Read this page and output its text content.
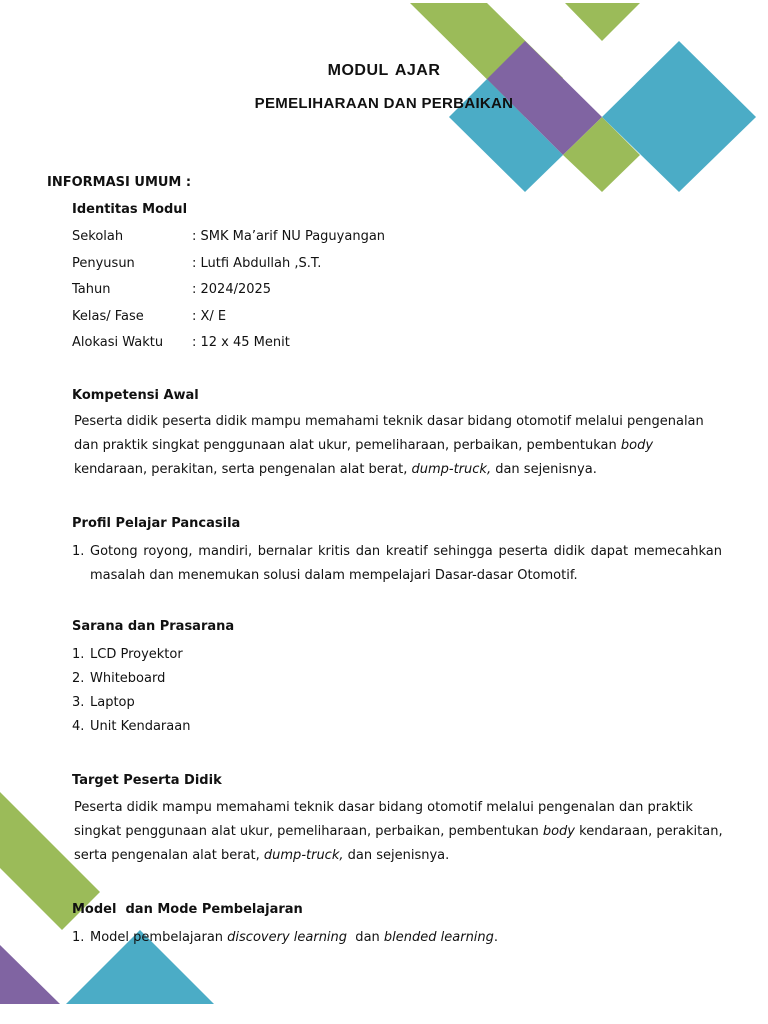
MODUL AJAR
PEMELIHARAAN DAN PERBAIKAN
INFORMASI UMUM :
Identitas Modul
Sekolah	: SMK Ma’arif NU Paguyangan
Penyusun	: Lutfi Abdullah ,S.T.
Tahun	: 2024/2025
Kelas/ Fase	: X/ E
Alokasi Waktu : 12 x 45 Menit
Kompetensi Awal
Peserta didik peserta didik mampu memahami teknik dasar bidang otomotif melalui pengenalan dan praktik singkat penggunaan alat ukur, pemeliharaan, perbaikan, pembentukan body kendaraan, perakitan, serta pengenalan alat berat, dump-truck, dan sejenisnya.
Profil Pelajar Pancasila
1. Gotong royong, mandiri, bernalar kritis dan kreatif sehingga peserta didik dapat memecahkan masalah dan menemukan solusi dalam mempelajari Dasar-dasar Otomotif.
Sarana dan Prasarana
1. LCD Proyektor
2. Whiteboard
3. Laptop
4. Unit Kendaraan
Target Peserta Didik
Peserta didik mampu memahami teknik dasar bidang otomotif melalui pengenalan dan praktik singkat penggunaan alat ukur, pemeliharaan, perbaikan, pembentukan body kendaraan, perakitan, serta pengenalan alat berat, dump-truck, dan sejenisnya.
Model  dan Mode Pembelajaran
1. Model pembelajaran discovery learning  dan blended learning.
